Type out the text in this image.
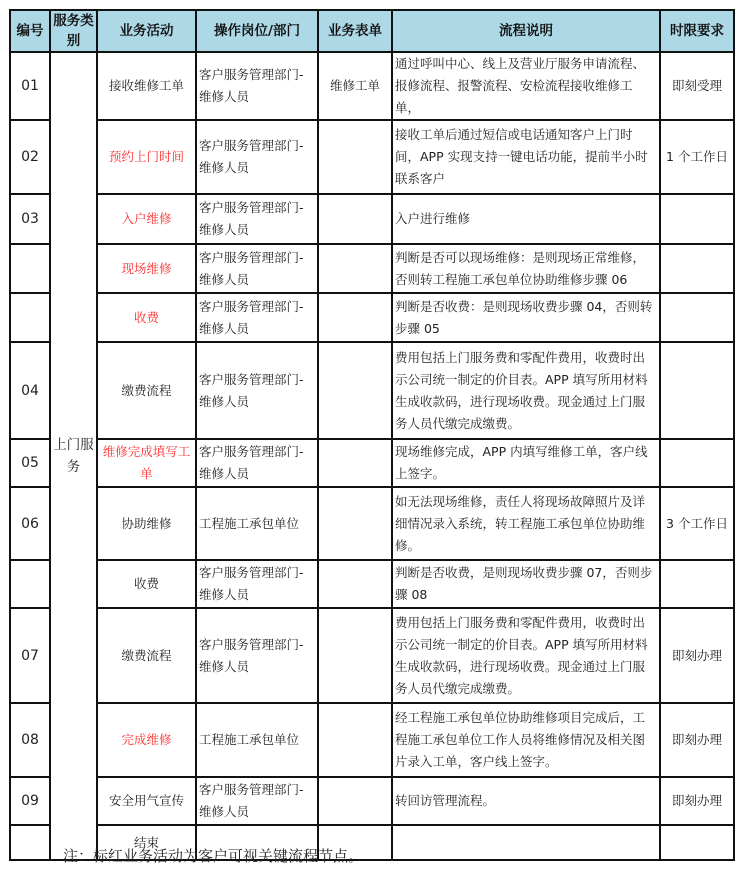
编号	服务类别	业务活动	操作岗位/部门	业务表单	流程说明	时限要求
01	上门服务	接收维修工单	客户服务管理部门-维修人员	维修工单	通过呼叫中心、线上及营业厅服务申请流程、报修流程、报警流程、安检流程接收维修工单，	即刻受理
02		预约上门时间	客户服务管理部门-维修人员		接收工单后通过短信或电话通知客户上门时间，APP 实现支持一键电话功能，提前半小时联系客户	1 个工作日
03		入户维修	客户服务管理部门-维修人员		入户进行维修	
		现场维修	客户服务管理部门-维修人员		判断是否可以现场维修：是则现场正常维修，否则转工程施工承包单位协助维修步骤 06	
		收费	客户服务管理部门-维修人员		判断是否收费：是则现场收费步骤 04，否则转步骤 05	
04		缴费流程	客户服务管理部门-维修人员		费用包括上门服务费和零配件费用，收费时出示公司统一制定的价目表。APP 填写所用材料生成收款码，进行现场收费。现金通过上门服务人员代缴完成缴费。	
05		维修完成填写工单	客户服务管理部门-维修人员		现场维修完成，APP 内填写维修工单，客户线上签字。	
06		协助维修	工程施工承包单位		如无法现场维修，责任人将现场故障照片及详细情况录入系统，转工程施工承包单位协助维修。	3 个工作日
		收费	客户服务管理部门-维修人员		判断是否收费，是则现场收费步骤 07，否则步骤 08	
07		缴费流程	客户服务管理部门-维修人员		费用包括上门服务费和零配件费用，收费时出示公司统一制定的价目表。APP 填写所用材料生成收款码，进行现场收费。现金通过上门服务人员代缴完成缴费。	即刻办理
08		完成维修	工程施工承包单位		经工程施工承包单位协助维修项目完成后，工程施工承包单位工作人员将维修情况及相关图片录入工单，客户线上签字。	即刻办理
09		安全用气宣传	客户服务管理部门-维修人员		转回访管理流程。	即刻办理
		结束				
注：标红业务活动为客户可视关键流程节点。
